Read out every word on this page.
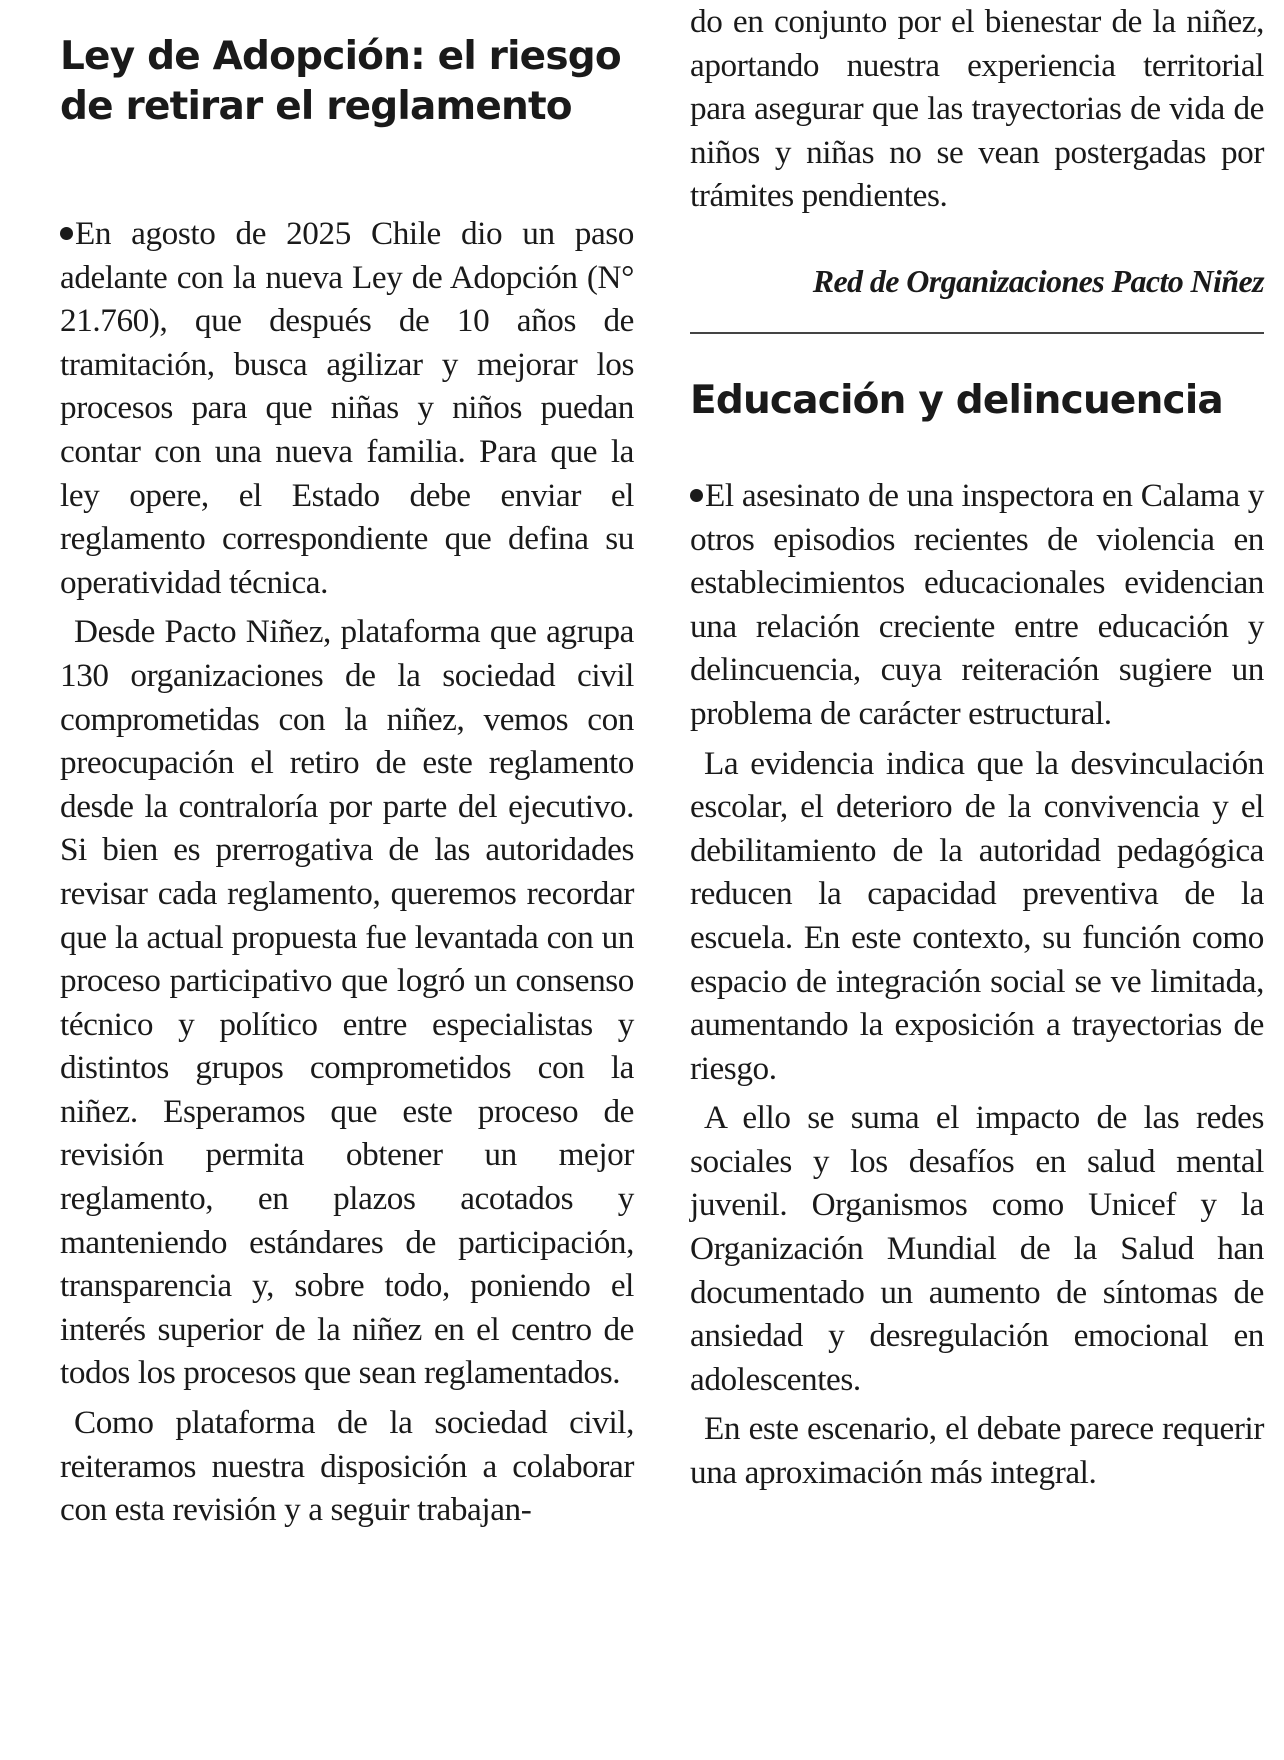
Ley de Adopción: el riesgo de retirar el reglamento

En agosto de 2025 Chile dio un paso adelante con la nueva Ley de Adopción (N° 21.760), que después de 10 años de tramitación, busca agilizar y mejorar los procesos para que niñas y niños puedan contar con una nueva familia. Para que la ley opere, el Estado debe enviar el reglamento correspondiente que defina su operatividad técnica.

Desde Pacto Niñez, plataforma que agrupa 130 organizaciones de la sociedad civil comprometidas con la niñez, vemos con preocupación el retiro de este reglamento desde la contraloría por parte del ejecutivo. Si bien es prerrogativa de las autoridades revisar cada reglamento, queremos recordar que la actual propuesta fue levantada con un proceso participativo que logró un consenso técnico y político entre especialistas y distintos grupos comprometidos con la niñez. Esperamos que este proceso de revisión permita obtener un mejor reglamento, en plazos acotados y manteniendo estándares de participación, transparencia y, sobre todo, poniendo el interés superior de la niñez en el centro de todos los procesos que sean reglamentados.

Como plataforma de la sociedad civil, reiteramos nuestra disposición a colaborar con esta revisión y a seguir trabajan-

do en conjunto por el bienestar de la niñez, aportando nuestra experiencia territorial para asegurar que las trayectorias de vida de niños y niñas no se vean postergadas por trámites pendientes.

Red de Organizaciones Pacto Niñez

Educación y delincuencia

El asesinato de una inspectora en Calama y otros episodios recientes de violencia en establecimientos educacionales evidencian una relación creciente entre educación y delincuencia, cuya reiteración sugiere un problema de carácter estructural.

La evidencia indica que la desvinculación escolar, el deterioro de la convivencia y el debilitamiento de la autoridad pedagógica reducen la capacidad preventiva de la escuela. En este contexto, su función como espacio de integración social se ve limitada, aumentando la exposición a trayectorias de riesgo.

A ello se suma el impacto de las redes sociales y los desafíos en salud mental juvenil. Organismos como Unicef y la Organización Mundial de la Salud han documentado un aumento de síntomas de ansiedad y desregulación emocional en adolescentes.

En este escenario, el debate parece requerir una aproximación más integral.
